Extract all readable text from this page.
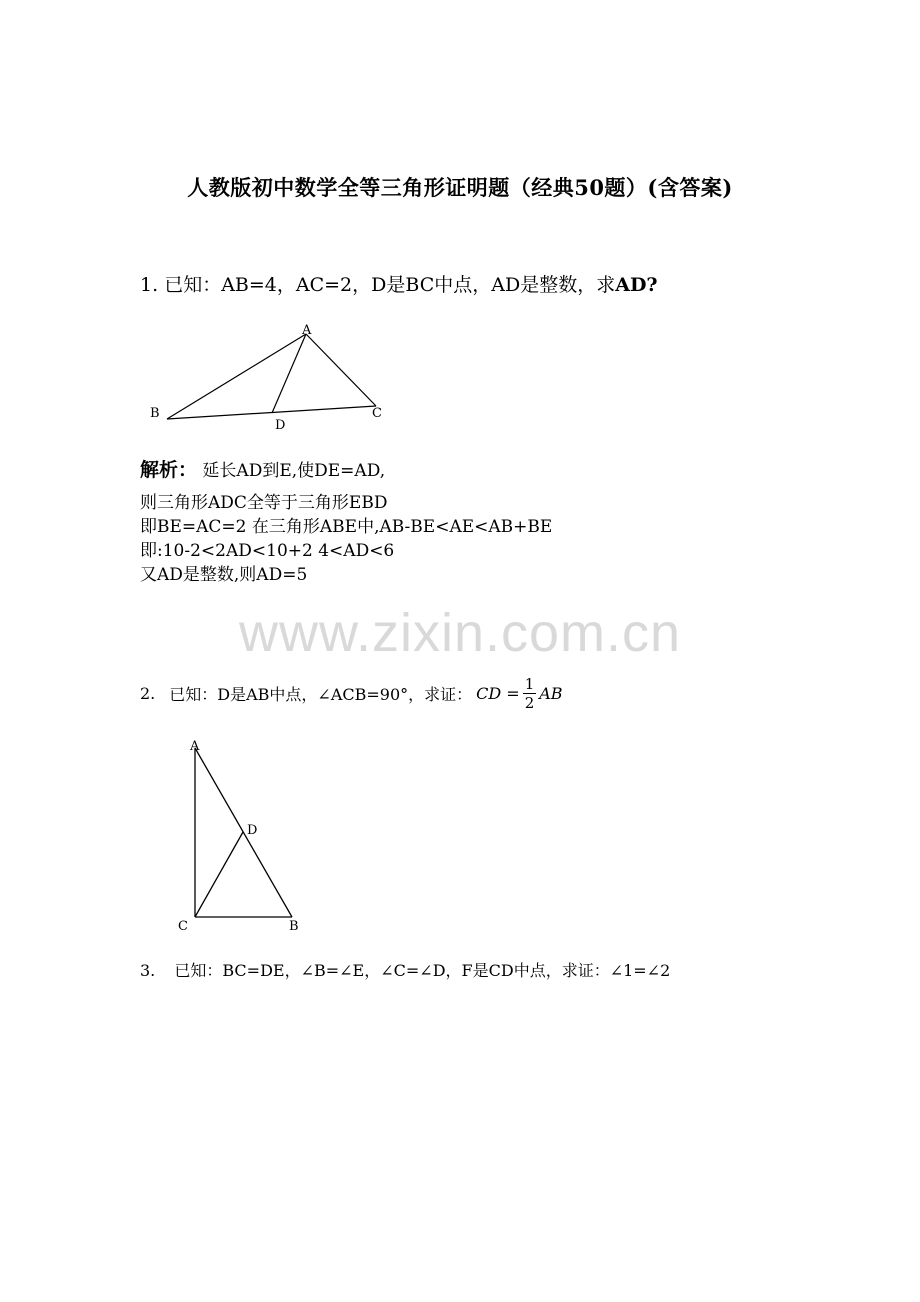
人教版初中数学全等三角形证明题（经典50题）(含答案)
1. 已知：AB=4，AC=2，D是BC中点，AD是整数，求AD?
A
B	C
D
解析： 延长AD到E,使DE=AD,
则三角形ADC全等于三角形EBD
即BE=AC=2 在三角形ABE中,AB-BE<AE<AB+BE
即:10-2<2AD<10+2 4<AD<6
又AD是整数,则AD=5
www.zixin.com.cn
2. 已知：D是AB中点，∠ACB=90°，求证： CD = $\frac{1}{2}$ AB
A
D
C	B
3. 已知：BC=DE，∠B=∠E，∠C=∠D，F是CD中点，求证：∠1=∠2
